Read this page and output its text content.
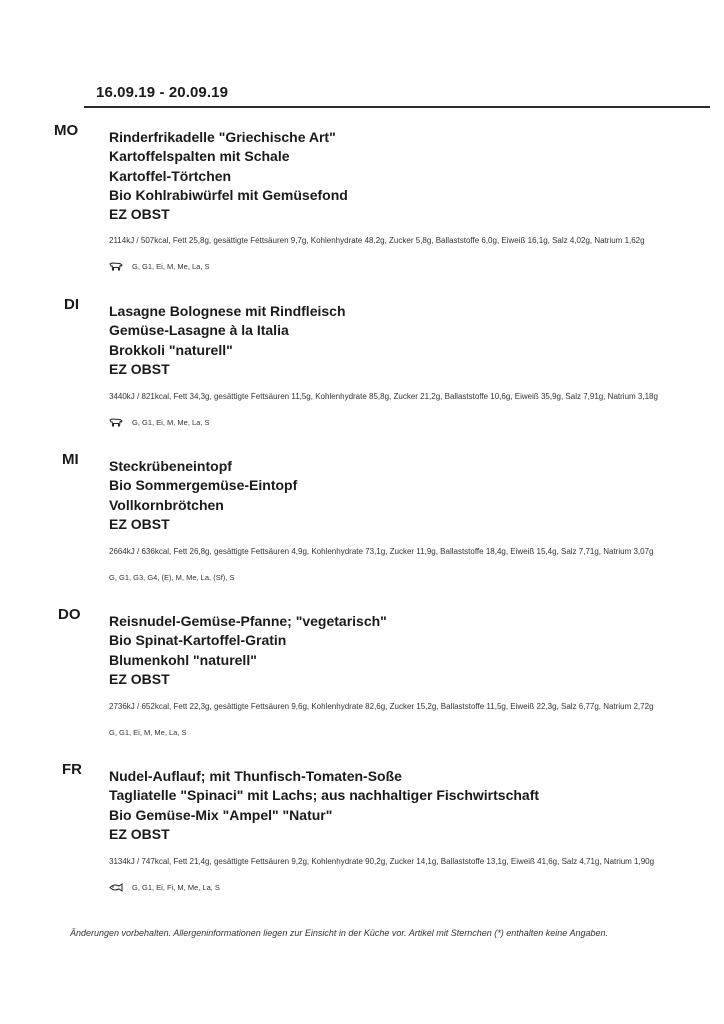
16.09.19 - 20.09.19
MO Rinderfrikadelle "Griechische Art"
Kartoffelspalten mit Schale
Kartoffel-Törtchen
Bio Kohlrabiwürfel mit Gemüsefond
EZ OBST
2114kJ / 507kcal, Fett 25,8g, gesättigte Fettsäuren 9,7g, Kohlenhydrate 48,2g, Zucker 5,8g, Ballaststoffe 6,0g, Eiweiß 16,1g, Salz 4,02g, Natrium 1,62g
G, G1, Ei, M, Me, La, S
DI Lasagne Bolognese mit Rindfleisch
Gemüse-Lasagne à la Italia
Brokkoli "naturell"
EZ OBST
3440kJ / 821kcal, Fett 34,3g, gesättigte Fettsäuren 11,5g, Kohlenhydrate 85,8g, Zucker 21,2g, Ballaststoffe 10,6g, Eiweiß 35,9g, Salz 7,91g, Natrium 3,18g
G, G1, Ei, M, Me, La, S
MI Steckrübeneintopf
Bio Sommergemüse-Eintopf
Vollkornbrötchen
EZ OBST
2664kJ / 636kcal, Fett 26,8g, gesättigte Fettsäuren 4,9g, Kohlenhydrate 73,1g, Zucker 11,9g, Ballaststoffe 18,4g, Eiweiß 15,4g, Salz 7,71g, Natrium 3,07g
G, G1, G3, G4, (E), M, Me, La, (Sf), S
DO Reisnudel-Gemüse-Pfanne; "vegetarisch"
Bio Spinat-Kartoffel-Gratin
Blumenkohl "naturell"
EZ OBST
2736kJ / 652kcal, Fett 22,3g, gesättigte Fettsäuren 9,6g, Kohlenhydrate 82,6g, Zucker 15,2g, Ballaststoffe 11,5g, Eiweiß 22,3g, Salz 6,77g, Natrium 2,72g
G, G1, Ei, M, Me, La, S
FR Nudel-Auflauf; mit Thunfisch-Tomaten-Soße
Tagliatelle "Spinaci" mit Lachs; aus nachhaltiger Fischwirtschaft
Bio Gemüse-Mix "Ampel" "Natur"
EZ OBST
3134kJ / 747kcal, Fett 21,4g, gesättigte Fettsäuren 9,2g, Kohlenhydrate 90,2g, Zucker 14,1g, Ballaststoffe 13,1g, Eiweiß 41,6g, Salz 4,71g, Natrium 1,90g
G, G1, Ei, Fi, M, Me, La, S
Änderungen vorbehalten. Allergeninformationen liegen zur Einsicht in der Küche vor. Artikel mit Sternchen (*) enthalten keine Angaben.
